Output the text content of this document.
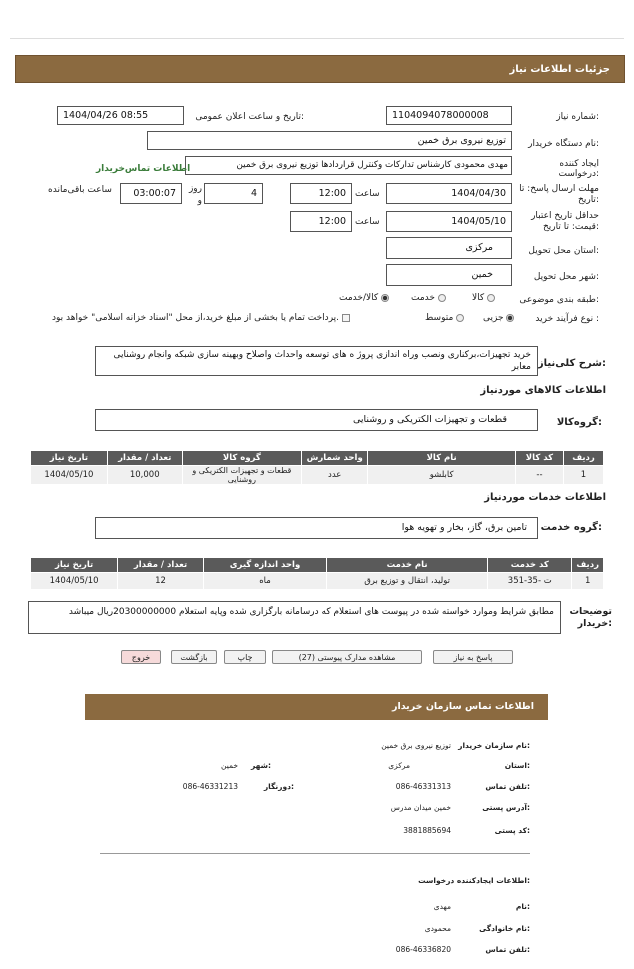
جزئیات اطلاعات نیاز
شماره نیاز:
1104094078000008
تاریخ و ساعت اعلان عمومی:
1404/04/26 08:55
نام دستگاه خریدار:
توزیع نیروی برق خمین
ایجاد کننده درخواست:
مهدی محمودی کارشناس تدارکات وکنترل قراردادها توزیع نیروی برق خمین
اطلاعات تماس‌خریدار
مهلت ارسال پاسخ: تا تاریخ:
1404/04/30
ساعت
12:00
4
روز و
03:00:07
ساعت باقی‌مانده
حداقل تاریخ اعتبار قیمت: تا تاریخ:
1404/05/10
ساعت
12:00
استان محل تحویل:
مرکزی
شهر محل تحویل:
خمین
طبقه بندی موضوعی:
کالا
خدمت
کالا/خدمت
نوع فرآیند خرید :
جزیی
متوسط
پرداخت تمام یا بخشی از مبلغ خرید،از محل "اسناد خزانه اسلامی" خواهد بود.
شرح کلی‌نیاز:
خرید تجهیزات،برکناری ونصب وراه اندازی پروژ ه های توسعه واحداث واصلاح وبهینه سازی شبکه وانجام روشنایی معابر
اطلاعات کالاهای موردنیاز
گروه‌کالا:
قطعات و تجهیزات الکتریکی و روشنایی
ردیف	کد کالا	نام کالا	واحد شمارش	گروه کالا	تعداد / مقدار	تاریخ نیاز
1	--	کابلشو	عدد	قطعات و تجهیزات الکتریکی و روشنایی	10,000	1404/05/10
اطلاعات خدمات موردنیاز
گروه خدمت:
تامین برق، گاز، بخار و تهویه هوا
ردیف	کد خدمت	نام خدمت	واحد اندازه گیری	تعداد / مقدار	تاریخ نیاز
1	ت -35-351	تولید، انتقال و توزیع برق	ماه	12	1404/05/10
توضیحات خریدار:
مطابق شرایط وموارد خواسته شده در پیوست های استعلام که درسامانه بارگزاری شده وپایه استعلام 20300000000ریال میباشد
پاسخ به نیاز
مشاهده مدارک پیوستی (27)
چاپ
بازگشت
خروج
اطلاعات تماس سازمان خریدار
نام سازمان خریدار:
توزیع نیروی برق خمین
استان:
مرکزی
شهر:
خمین
تلفن تماس:
086-46331313
دورنگار:
086-46331213
آدرس پستی:
خمین میدان مدرس
کد پستی:
3881885694
اطلاعات ایجادکننده درخواست:
نام:
مهدی
نام خانوادگی:
محمودی
تلفن تماس:
086-46336820
